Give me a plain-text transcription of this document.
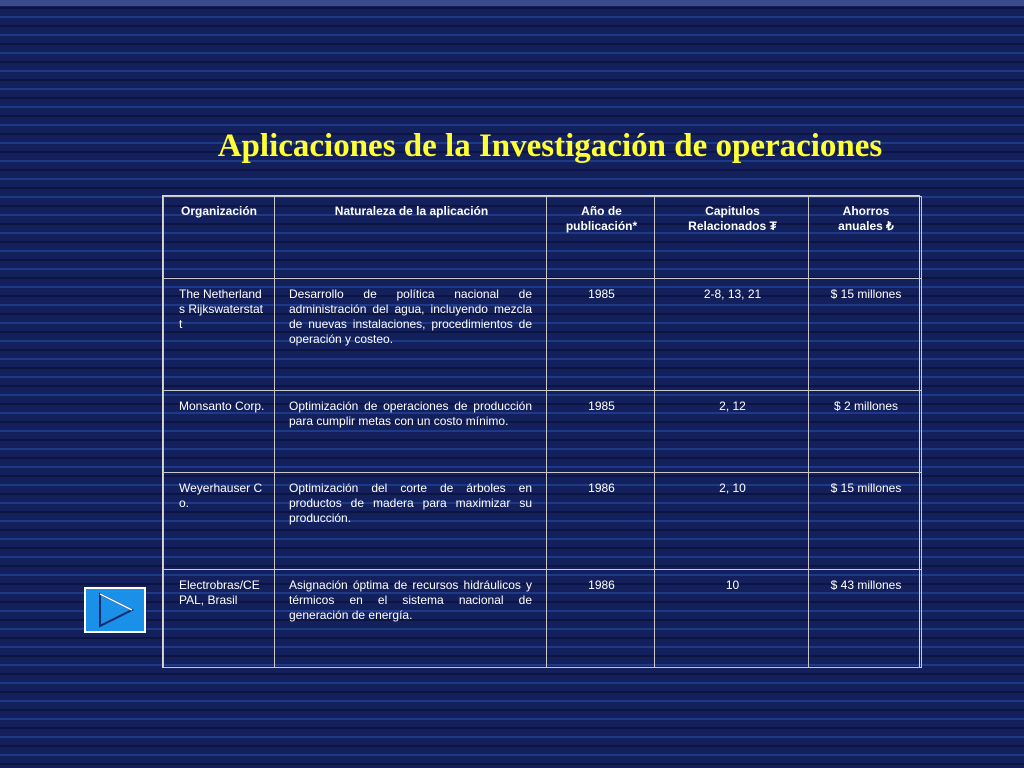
Aplicaciones de la Investigación de operaciones
Organización	Naturaleza de la aplicación	Año de publicación*	Capitulos Relacionados ₮	Ahorros anuales ₺
The Netherlands Rijkswaterstatt	Desarrollo de política nacional de administración del agua, incluyendo mezcla de nuevas instalaciones, procedimientos de operación y costeo.	1985	2-8, 13, 21	$ 15 millones
Monsanto Corp.	Optimización de operaciones de producción para cumplir metas con un costo mínimo.	1985	2, 12	$ 2 millones
Weyerhauser Co.	Optimización del corte de árboles en productos de madera para maximizar su producción.	1986	2, 10	$ 15 millones
Electrobras/CEPAL, Brasil	Asignación óptima de recursos hidráulicos y térmicos en el sistema nacional de generación de energía.	1986	10	$ 43 millones
